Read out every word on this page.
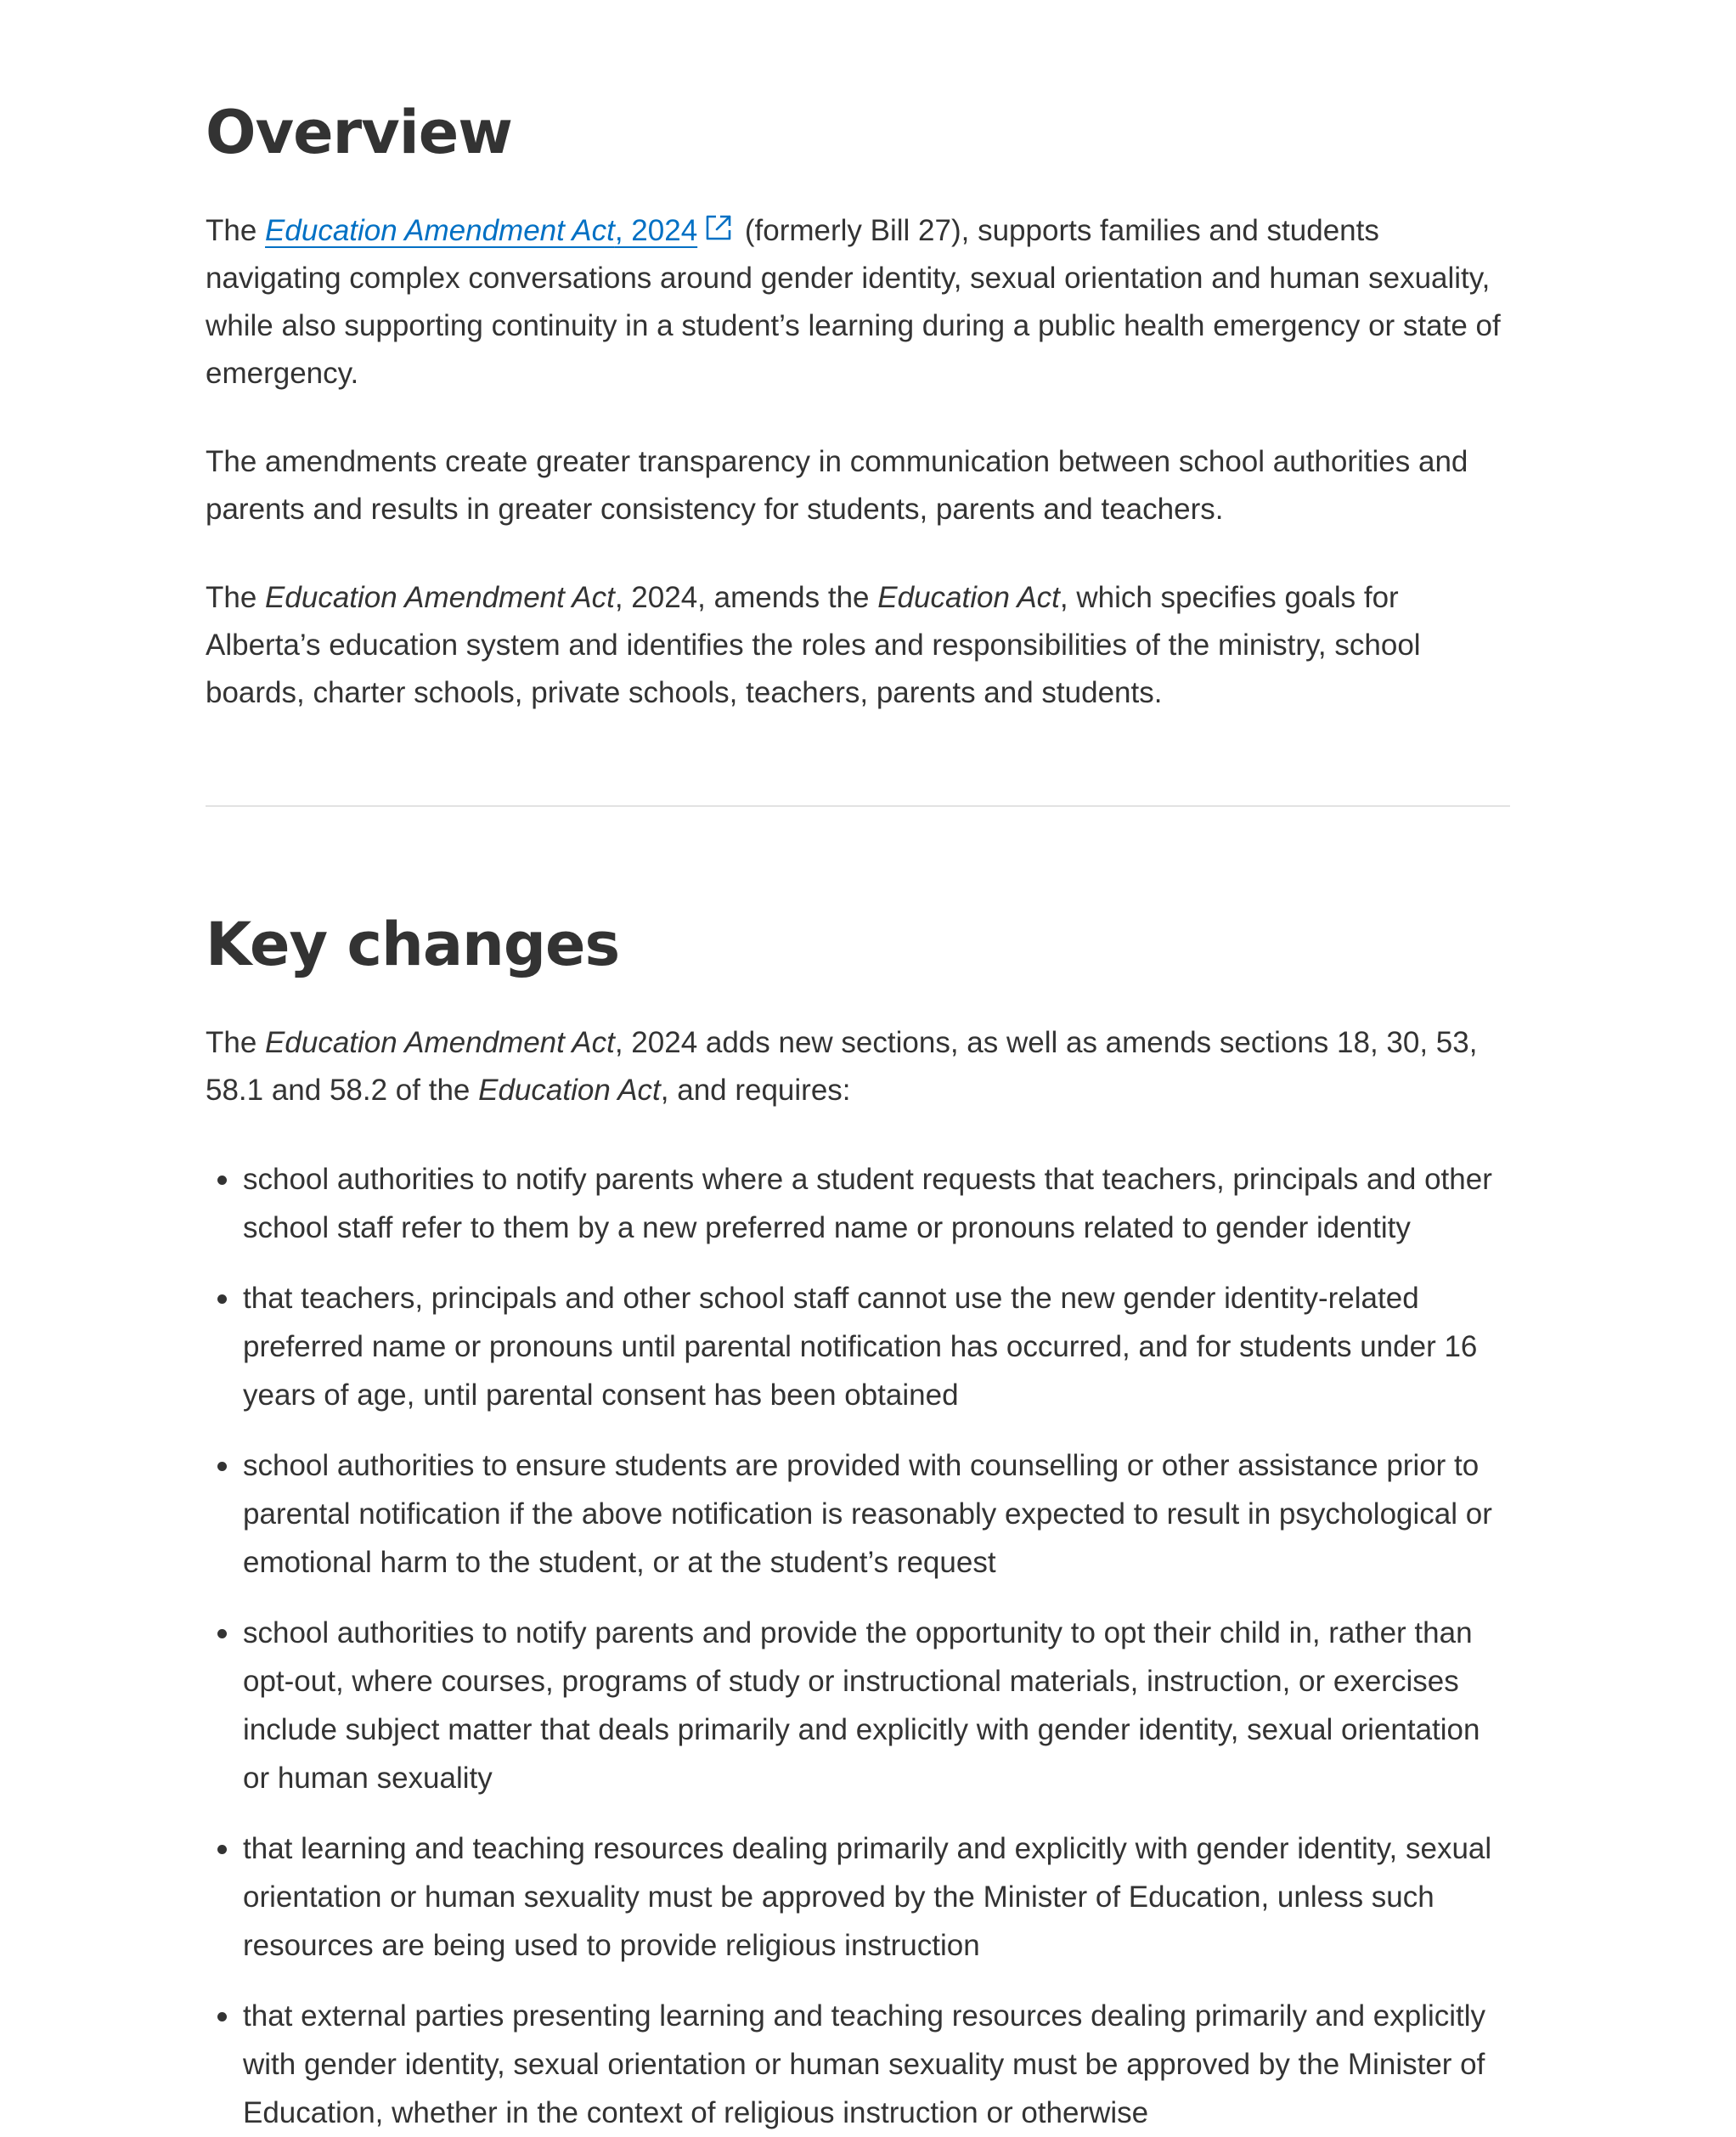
Overview

The Education Amendment Act, 2024 (formerly Bill 27), supports families and students navigating complex conversations around gender identity, sexual orientation and human sexuality, while also supporting continuity in a student’s learning during a public health emergency or state of emergency.

The amendments create greater transparency in communication between school authorities and parents and results in greater consistency for students, parents and teachers.

The Education Amendment Act, 2024, amends the Education Act, which specifies goals for Alberta’s education system and identifies the roles and responsibilities of the ministry, school boards, charter schools, private schools, teachers, parents and students.

Key changes

The Education Amendment Act, 2024 adds new sections, as well as amends sections 18, 30, 53, 58.1 and 58.2 of the Education Act, and requires:

school authorities to notify parents where a student requests that teachers, principals and other school staff refer to them by a new preferred name or pronouns related to gender identity
that teachers, principals and other school staff cannot use the new gender identity-related preferred name or pronouns until parental notification has occurred, and for students under 16 years of age, until parental consent has been obtained
school authorities to ensure students are provided with counselling or other assistance prior to parental notification if the above notification is reasonably expected to result in psychological or emotional harm to the student, or at the student’s request
school authorities to notify parents and provide the opportunity to opt their child in, rather than opt-out, where courses, programs of study or instructional materials, instruction, or exercises include subject matter that deals primarily and explicitly with gender identity, sexual orientation or human sexuality
that learning and teaching resources dealing primarily and explicitly with gender identity, sexual orientation or human sexuality must be approved by the Minister of Education, unless such resources are being used to provide religious instruction
that external parties presenting learning and teaching resources dealing primarily and explicitly with gender identity, sexual orientation or human sexuality must be approved by the Minister of Education, whether in the context of religious instruction or otherwise
